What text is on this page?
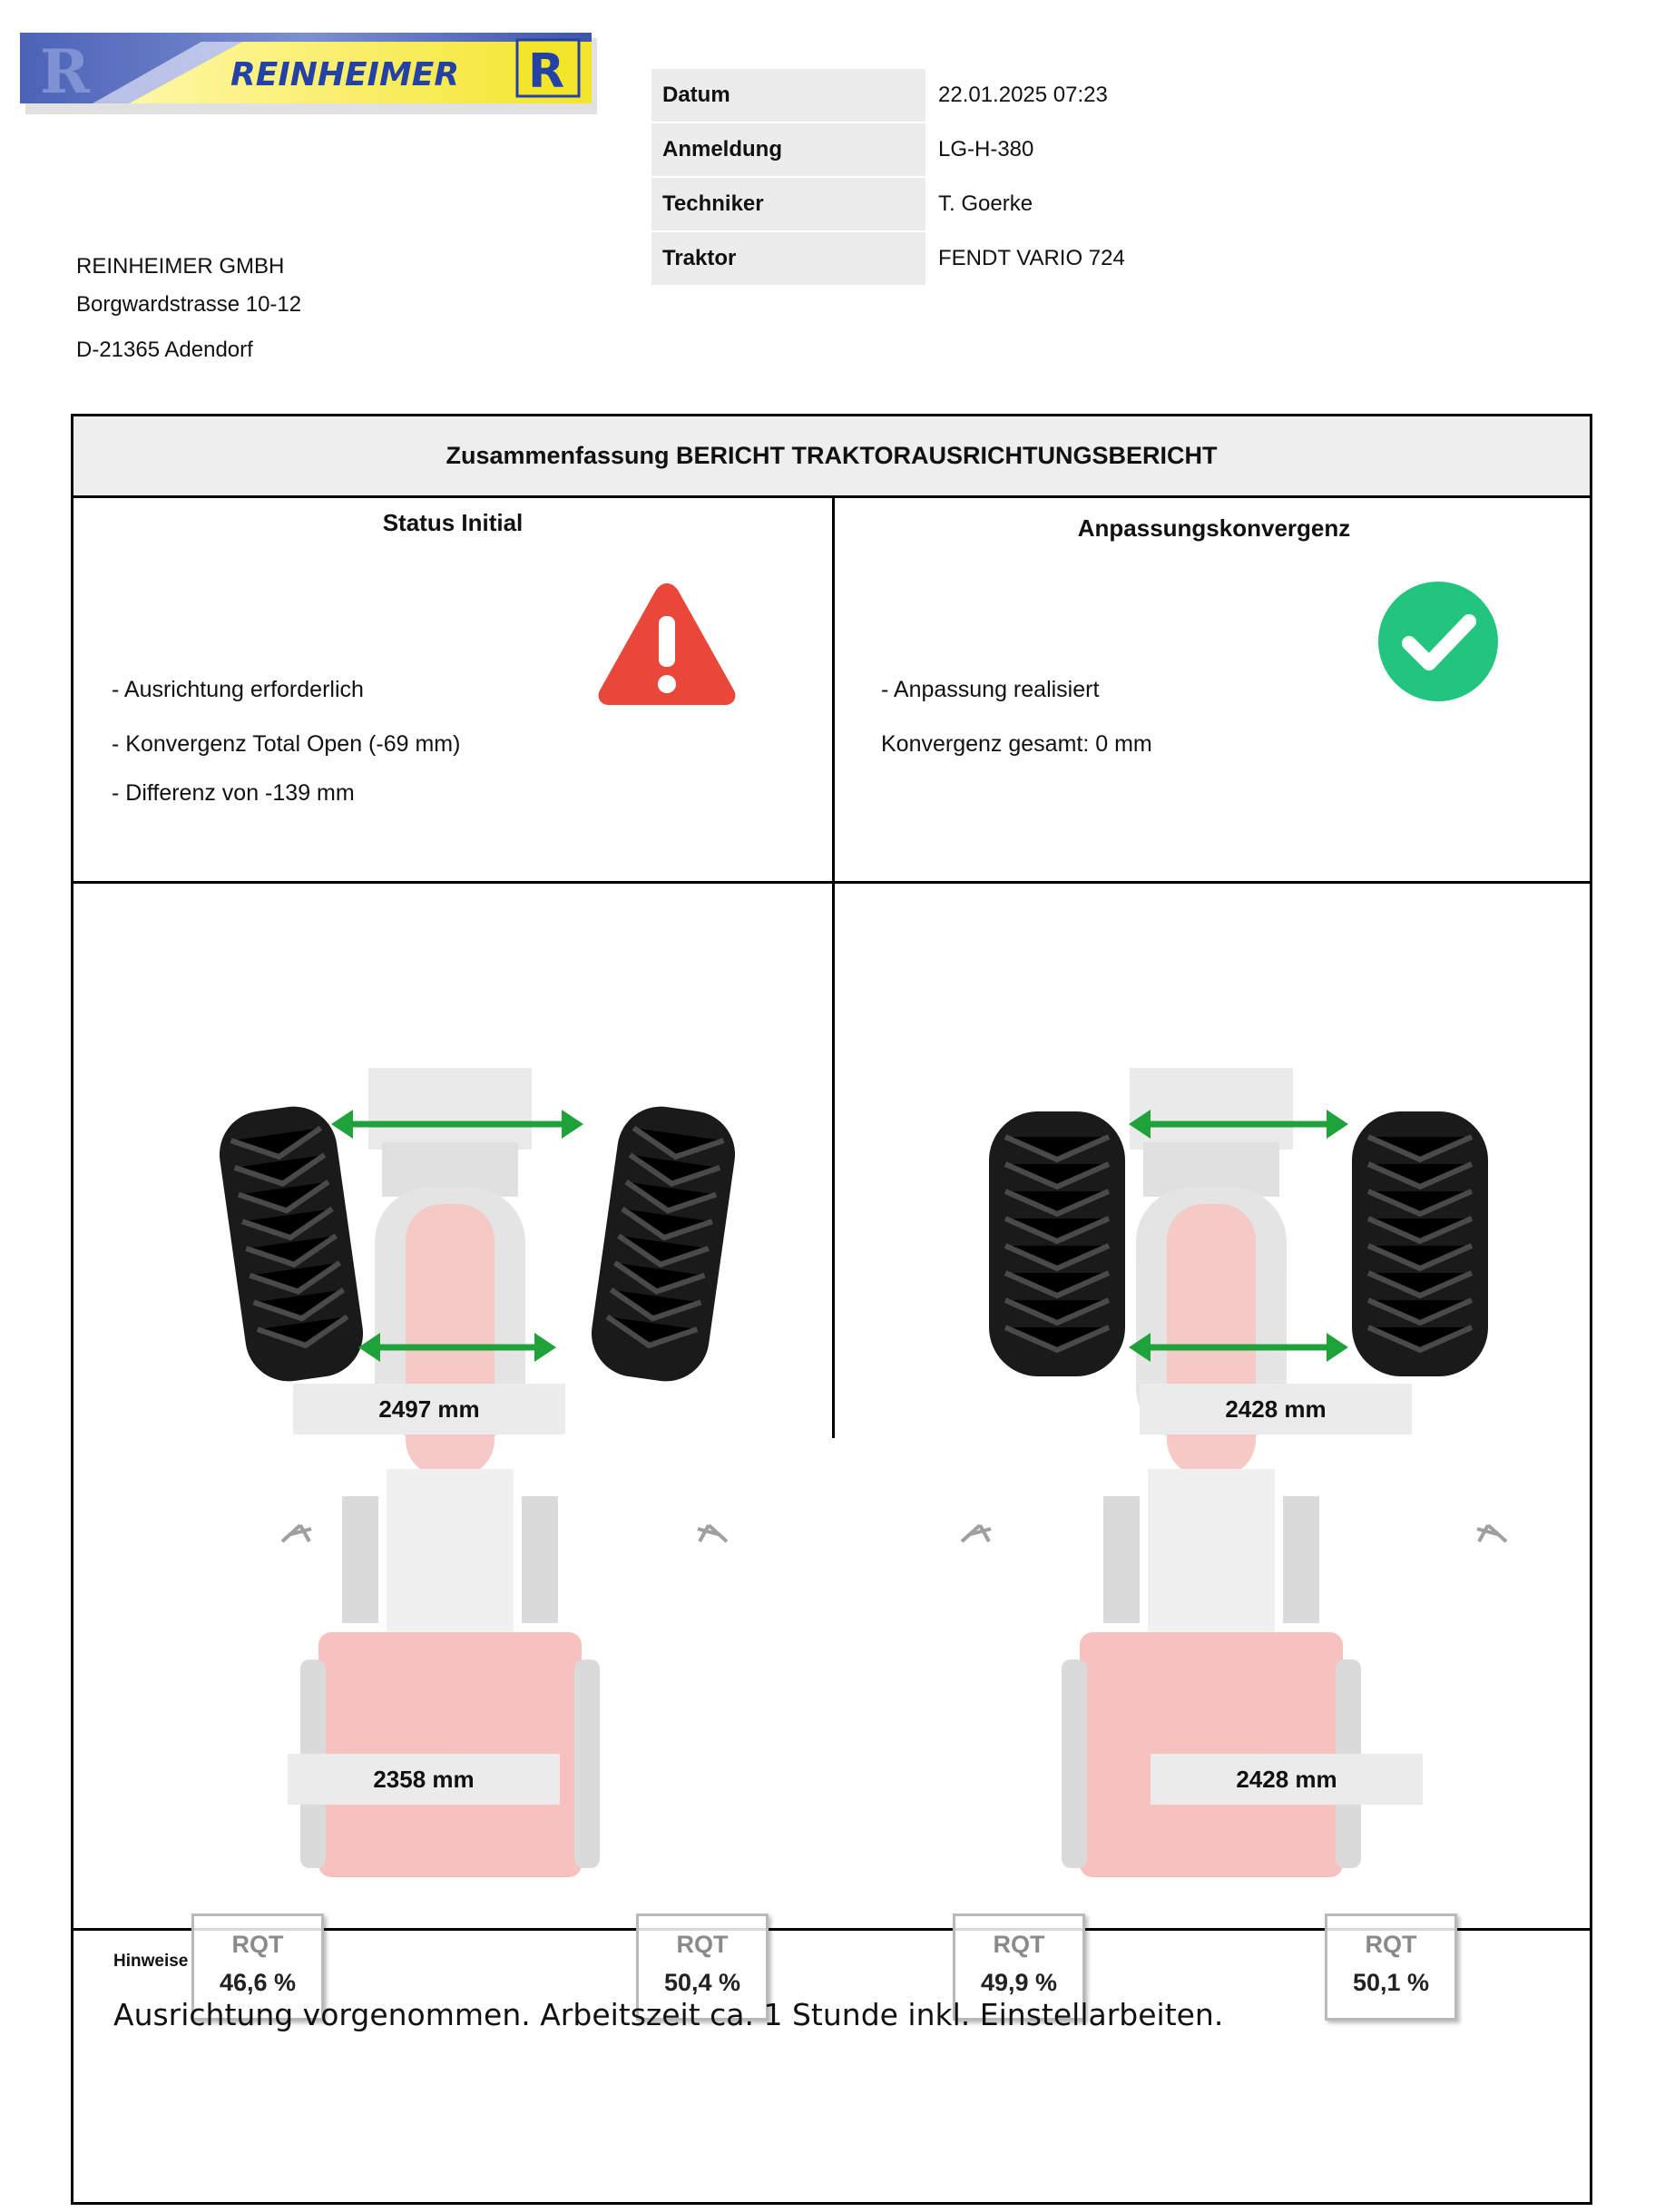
R	REINHEIMER R
REINHEIMER GMBH
Borgwardstrasse 10-12
D-21365 Adendorf
Datum	22.01.2025 07:23
Anmeldung	LG-H-380
Techniker	T. Goerke
Traktor	FENDT VARIO 724
Zusammenfassung BERICHT TRAKTORAUSRICHTUNGSBERICHT
Status Initial
- Ausrichtung erforderlich
- Konvergenz Total Open (-69 mm)
- Differenz von -139 mm
Anpassungskonvergenz
- Anpassung realisiert
Konvergenz gesamt: 0 mm
2497 mm
2358 mm
RQT
46,6 %
RQT
50,4 %
2428 mm
2428 mm
RQT
49,9 %
RQT
50,1 %
Hinweise
Ausrichtung vorgenommen. Arbeitszeit ca. 1 Stunde inkl. Einstellarbeiten.
